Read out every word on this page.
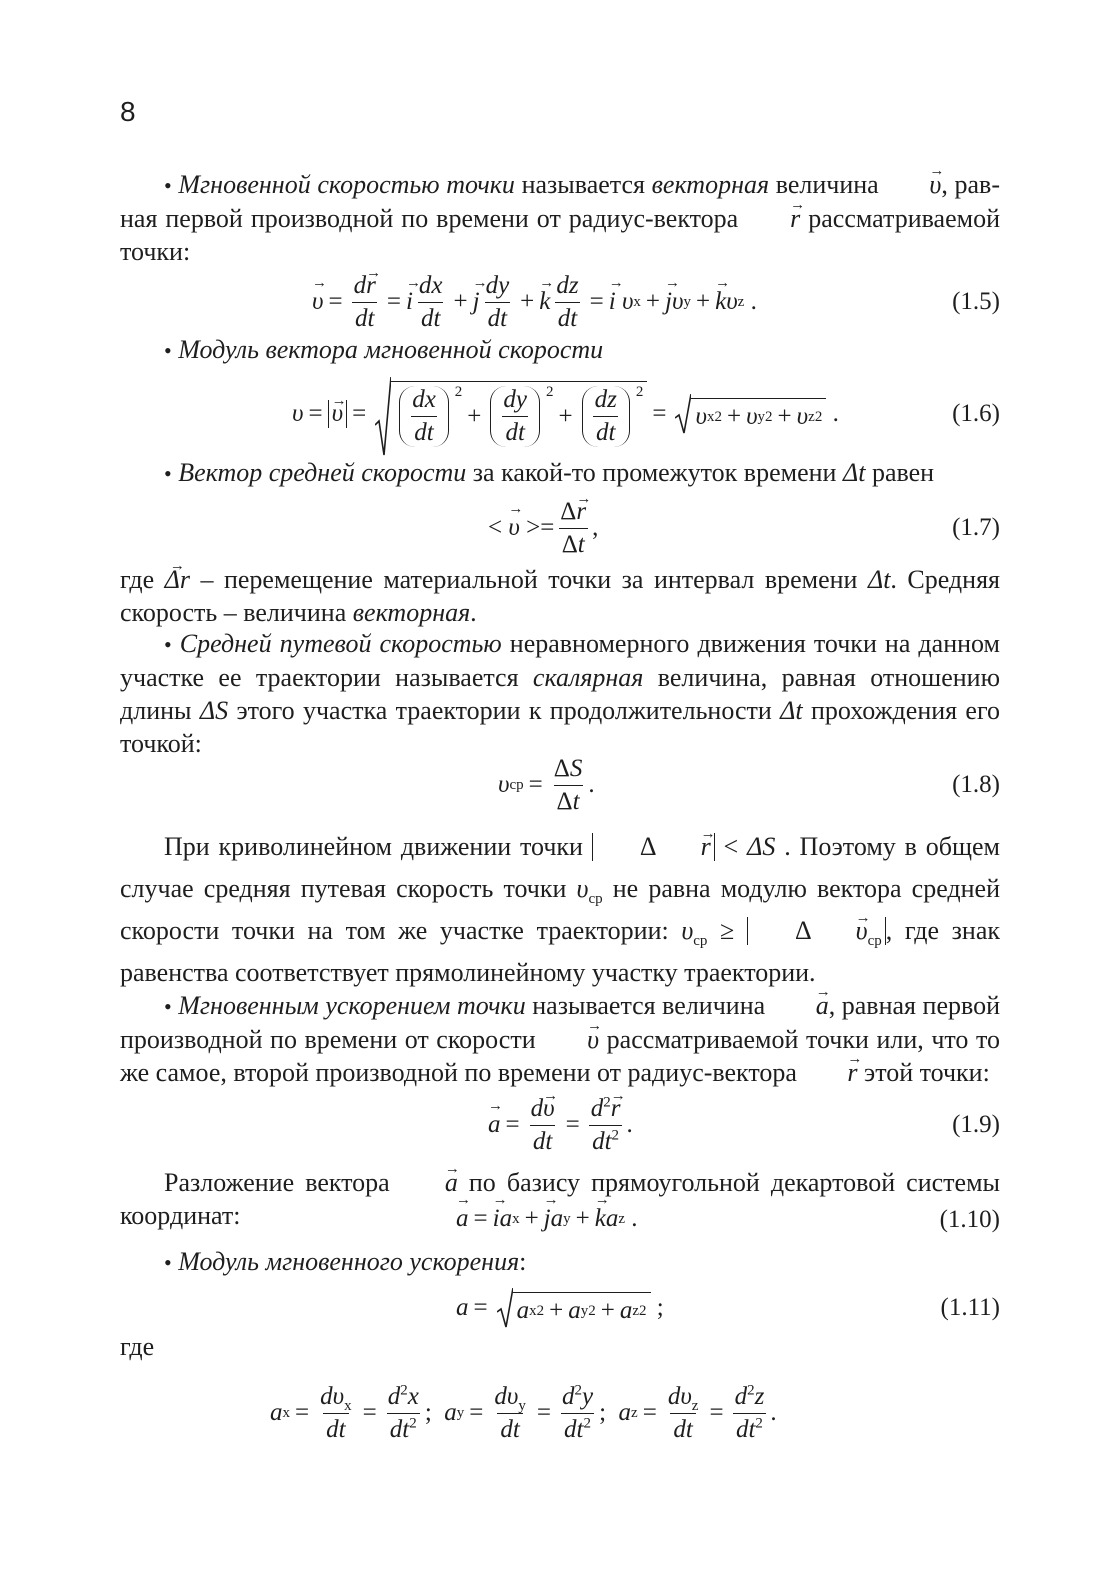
8

• Мгновенной скоростью точки называется векторная величина → υ, равная первой производной по времени от радиус-вектора → r рассматриваемой точки:

→ $\upsilon = \frac{d\to r}{dt}$ = → i $\frac{dx}{dt}$ + → j $\frac{dy}{dt}$ + → k $\frac{dz}{dt}$ = → i
υ x + → j υ y + → k υ z .	(1.5)

• Модуль вектора мгновенной скорости

υ = → $\upsilon = \frac{dx}{dt} 2$
+ $\frac{dy}{dt} 2$
+ $\frac{dz}{dt} 2$
= υ x 2 + υ y 2 + υ z 2 .	(1.6)

• Вектор средней скорости за какой-то промежуток времени Δt равен

< → $\upsilon >= \frac{\Delta\to r}{\Delta t}$ ,	(1.7)

где → Δr – перемещение материальной точки за интервал времени Δt. Средняя скорость – величина векторная.

• Средней путевой скоростью неравномерного движения точки на данном участке ее траектории называется скалярная величина, равная отношению длины ΔS этого участка траектории к продолжительности Δt прохождения его точкой:

υ ср = $\frac{\Delta S}{\Delta t}$ .	(1.8)

При криволинейном движении точки Δ → r < ΔS . Поэтому в общем случае средняя путевая скорость точки $\upsilon_{ср}$ не равна модулю вектора средней скорости точки на том же участке траектории: $\upsilon_{ср} \ge \Delta \to \upsilon_{ср}$ , где знак равенства соответствует прямолинейному участку траектории.

• Мгновенным ускорением точки называется величина → a, равная первой производной по времени от скорости → υ рассматриваемой точки или, что то же самое, второй производной по времени от радиус-вектора → r этой точки:

→ $a = \frac{d\to \upsilon}{dt} = \frac{d^2\to r}{dt^2}$ .	(1.9)

Разложение вектора → a по базису прямоугольной декартовой системы координат:	→ a = → i a x + → j a y + → k a z .	(1.10)

• Модуль мгновенного ускорения:

a = a x 2 + a y 2 + a z 2 ;	(1.11)

где

a $x = \frac{d\upsilon_x}{dt} = \frac{d^2x}{dt^2}$ ; a $y = \frac{d\upsilon_y}{dt} = \frac{d^2y}{dt^2}$ ; a $z = \frac{d\upsilon_z}{dt} = \frac{d^2z}{dt^2}$ .
